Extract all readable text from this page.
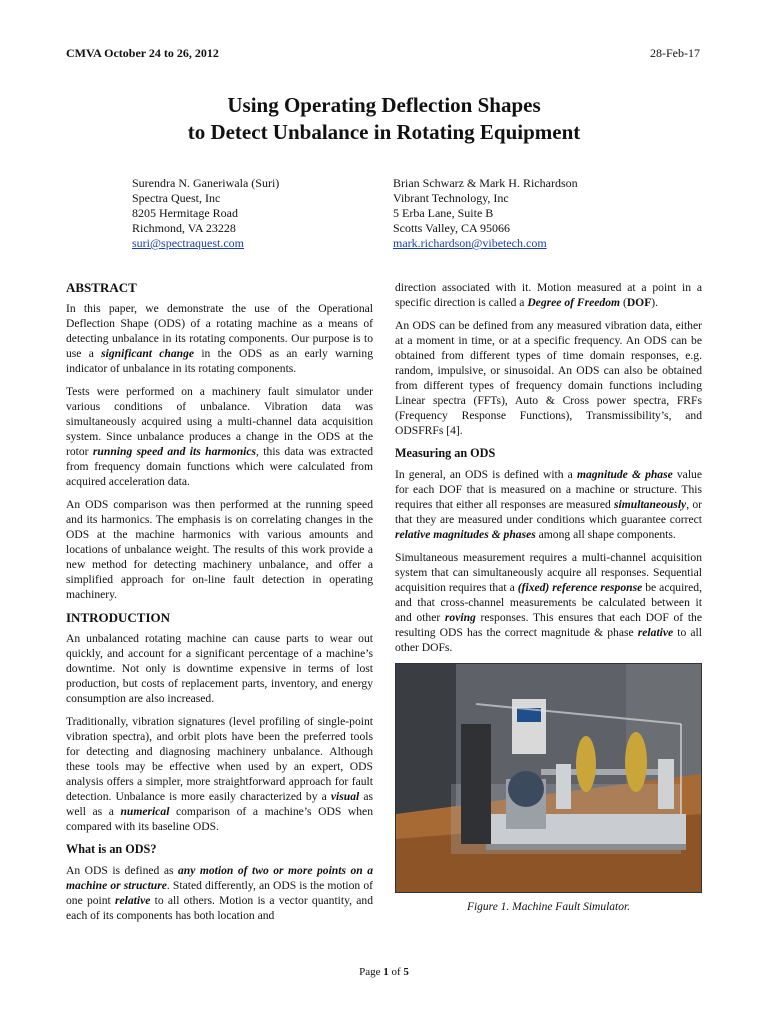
CMVA October 24 to 26, 2012	28-Feb-17
Using Operating Deflection Shapes
to Detect Unbalance in Rotating Equipment
Surendra N. Ganeriwala (Suri)
Spectra Quest, Inc
8205 Hermitage Road
Richmond, VA 23228
suri@spectraquest.com
Brian Schwarz & Mark H. Richardson
Vibrant Technology, Inc
5 Erba Lane, Suite B
Scotts Valley, CA 95066
mark.richardson@vibetech.com
ABSTRACT

In this paper, we demonstrate the use of the Operational Deflection Shape (ODS) of a rotating machine as a means of detecting unbalance in its rotating components. Our purpose is to use a significant change in the ODS as an early warning indicator of unbalance in its rotating components.

Tests were performed on a machinery fault simulator under various conditions of unbalance. Vibration data was simultaneously acquired using a multi-channel data acquisition system. Since unbalance produces a change in the ODS at the rotor running speed and its harmonics, this data was extracted from frequency domain functions which were calculated from acquired acceleration data.

An ODS comparison was then performed at the running speed and its harmonics. The emphasis is on correlating changes in the ODS at the machine harmonics with various amounts and locations of unbalance weight. The results of this work provide a new method for detecting machinery unbalance, and offer a simplified approach for on-line fault detection in operating machinery.

INTRODUCTION

An unbalanced rotating machine can cause parts to wear out quickly, and account for a significant percentage of a machine’s downtime. Not only is downtime expensive in terms of lost production, but costs of replacement parts, inventory, and energy consumption are also increased.

Traditionally, vibration signatures (level profiling of single-point vibration spectra), and orbit plots have been the preferred tools for detecting and diagnosing machinery unbalance. Although these tools may be effective when used by an expert, ODS analysis offers a simpler, more straightforward approach for fault detection. Unbalance is more easily characterized by a visual as well as a numerical comparison of a machine’s ODS when compared with its baseline ODS.

What is an ODS?

An ODS is defined as any motion of two or more points on a machine or structure. Stated differently, an ODS is the motion of one point relative to all others. Motion is a vector quantity, and each of its components has both location and

direction associated with it. Motion measured at a point in a specific direction is called a Degree of Freedom (DOF).

An ODS can be defined from any measured vibration data, either at a moment in time, or at a specific frequency. An ODS can be obtained from different types of time domain responses, e.g. random, impulsive, or sinusoidal. An ODS can also be obtained from different types of frequency domain functions including Linear spectra (FFTs), Auto & Cross power spectra, FRFs (Frequency Response Functions), Transmissibility’s, and ODSFRFs [4].

Measuring an ODS

In general, an ODS is defined with a magnitude & phase value for each DOF that is measured on a machine or structure. This requires that either all responses are measured simultaneously, or that they are measured under conditions which guarantee correct relative magnitudes & phases among all shape components.

Simultaneous measurement requires a multi-channel acquisition system that can simultaneously acquire all responses. Sequential acquisition requires that a (fixed) reference response be acquired, and that cross-channel measurements be calculated between it and other roving responses. This ensures that each DOF of the resulting ODS has the correct magnitude & phase relative to all other DOFs.

Figure 1. Machine Fault Simulator.
Page 1 of 5
